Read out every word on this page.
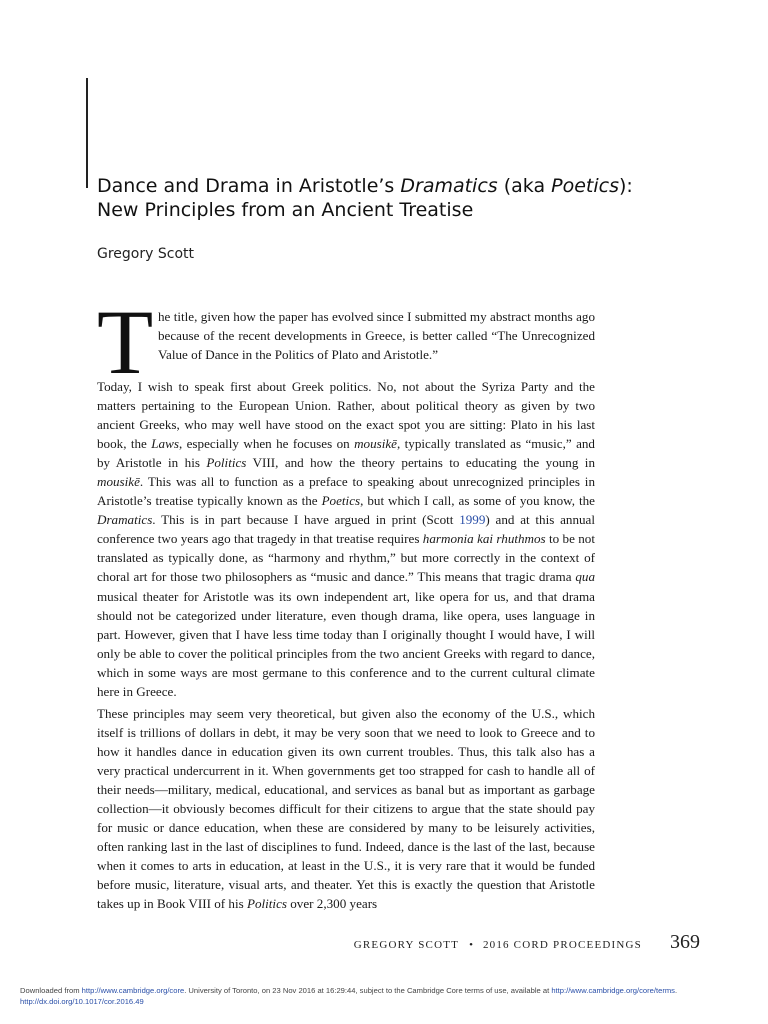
Dance and Drama in Aristotle’s Dramatics (aka Poetics): New Principles from an Ancient Treatise
Gregory Scott
T he title, given how the paper has evolved since I submitted my abstract months ago because of the recent developments in Greece, is better called “The Unrecognized Value of Dance in the Politics of Plato and Aristotle.”

Today, I wish to speak first about Greek politics. No, not about the Syriza Party and the matters pertaining to the European Union. Rather, about political theory as given by two ancient Greeks, who may well have stood on the exact spot you are sitting: Plato in his last book, the Laws, especially when he focuses on mousikē, typically translated as “music,” and by Aristotle in his Politics VIII, and how the theory pertains to educating the young in mousikē. This was all to function as a preface to speaking about unrecognized principles in Aristotle’s treatise typically known as the Poetics, but which I call, as some of you know, the Dramatics. This is in part because I have argued in print (Scott 1999) and at this annual conference two years ago that tragedy in that treatise requires harmonia kai rhuthmos to be not translated as typically done, as “harmony and rhythm,” but more correctly in the context of choral art for those two philosophers as “music and dance.” This means that tragic drama qua musical theater for Aristotle was its own independent art, like opera for us, and that drama should not be categorized under literature, even though drama, like opera, uses language in part. However, given that I have less time today than I originally thought I would have, I will only be able to cover the political principles from the two ancient Greeks with regard to dance, which in some ways are most germane to this conference and to the current cultural climate here in Greece.

These principles may seem very theoretical, but given also the economy of the U.S., which itself is trillions of dollars in debt, it may be very soon that we need to look to Greece and to how it handles dance in education given its own current troubles. Thus, this talk also has a very practical undercurrent in it. When governments get too strapped for cash to handle all of their needs—military, medical, educational, and services as banal but as important as garbage collection—it obviously becomes difficult for their citizens to argue that the state should pay for music or dance education, when these are considered by many to be leisurely activities, often ranking last in the last of disciplines to fund. Indeed, dance is the last of the last, because when it comes to arts in education, at least in the U.S., it is very rare that it would be funded before music, literature, visual arts, and theater. Yet this is exactly the question that Aristotle takes up in Book VIII of his Politics over 2,300 years

GREGORY SCOTT • 2016 CORD PROCEEDINGS 369
Downloaded from http://www.cambridge.org/core. University of Toronto, on 23 Nov 2016 at 16:29:44, subject to the Cambridge Core terms of use, available at http://www.cambridge.org/core/terms.
http://dx.doi.org/10.1017/cor.2016.49
